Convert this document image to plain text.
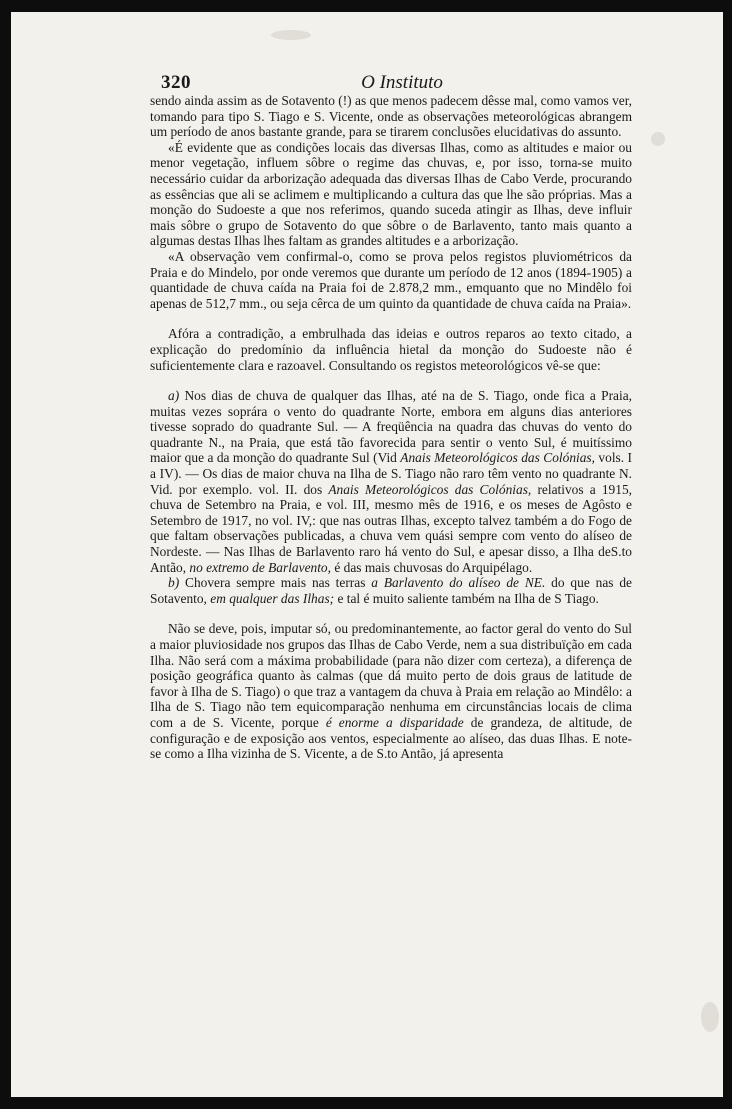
320	O Instituto

sendo ainda assim as de Sotavento (!) as que menos padecem dêsse mal, como vamos ver, tomando para tipo S. Tiago e S. Vicente, onde as observações meteorológicas abrangem um período de anos bastante grande, para se tirarem conclusões elucidativas do assunto.

«É evidente que as condições locais das diversas Ilhas, como as altitudes e maior ou menor vegetação, influem sôbre o regime das chuvas, e, por isso, torna-se muito necessário cuidar da arborização adequada das diversas Ilhas de Cabo Verde, procurando as essências que ali se aclimem e multiplicando a cultura das que lhe são próprias. Mas a monção do Sudoeste a que nos referimos, quando suceda atingir as Ilhas, deve influir mais sôbre o grupo de Sotavento do que sôbre o de Barlavento, tanto mais quanto a algumas destas Ilhas lhes faltam as grandes altitudes e a arborização.

«A observação vem confirmal-o, como se prova pelos registos pluviométricos da Praia e do Mindelo, por onde veremos que durante um período de 12 anos (1894-1905) a quantidade de chuva caída na Praia foi de 2.878,2 mm., emquanto que no Mindêlo foi apenas de 512,7 mm., ou seja cêrca de um quinto da quantidade de chuva caída na Praia».

Afóra a contradição, a embrulhada das ideias e outros reparos ao texto citado, a explicação do predomínio da influência hietal da monção do Sudoeste não é suficientemente clara e razoavel. Consultando os registos meteorológicos vê-se que:

a) Nos dias de chuva de qualquer das Ilhas, até na de S. Tiago, onde fica a Praia, muitas vezes soprára o vento do quadrante Norte, embora em alguns dias anteriores tivesse soprado do quadrante Sul. — A freqüência na quadra das chuvas do vento do quadrante N., na Praia, que está tão favorecida para sentir o vento Sul, é muitíssimo maior que a da monção do quadrante Sul (Vid Anais Meteorológicos das Colónias, vols. I a IV). — Os dias de maior chuva na Ilha de S. Tiago não raro têm vento no quadrante N. Vid. por exemplo. vol. II. dos Anais Meteorológicos das Colónias, relativos a 1915, chuva de Setembro na Praia, e vol. III, mesmo mês de 1916, e os meses de Agôsto e Setembro de 1917, no vol. IV,: que nas outras Ilhas, excepto talvez também a do Fogo de que faltam observações publicadas, a chuva vem quási sempre com vento do alíseo de Nordeste. — Nas Ilhas de Barlavento raro há vento do Sul, e apesar disso, a Ilha deS.to Antão, no extremo de Barlavento, é das mais chuvosas do Arquipélago.

b) Chovera sempre mais nas terras a Barlavento do alíseo de NE. do que nas de Sotavento, em qualquer das Ilhas; e tal é muito saliente também na Ilha de S Tiago.

Não se deve, pois, imputar só, ou predominantemente, ao factor geral do vento do Sul a maior pluviosidade nos grupos das Ilhas de Cabo Verde, nem a sua distribuïção em cada Ilha. Não será com a máxima probabilidade (para não dizer com certeza), a diferença de posição geográfica quanto às calmas (que dá muito perto de dois graus de latitude de favor à Ilha de S. Tiago) o que traz a vantagem da chuva à Praia em relação ao Mindêlo: a Ilha de S. Tiago não tem equicomparação nenhuma em circunstâncias locais de clima com a de S. Vicente, porque é enorme a disparidade de grandeza, de altitude, de configuração e de exposição aos ventos, especialmente ao alíseo, das duas Ilhas. E note-se como a Ilha vizinha de S. Vicente, a de S.to Antão, já apresenta
